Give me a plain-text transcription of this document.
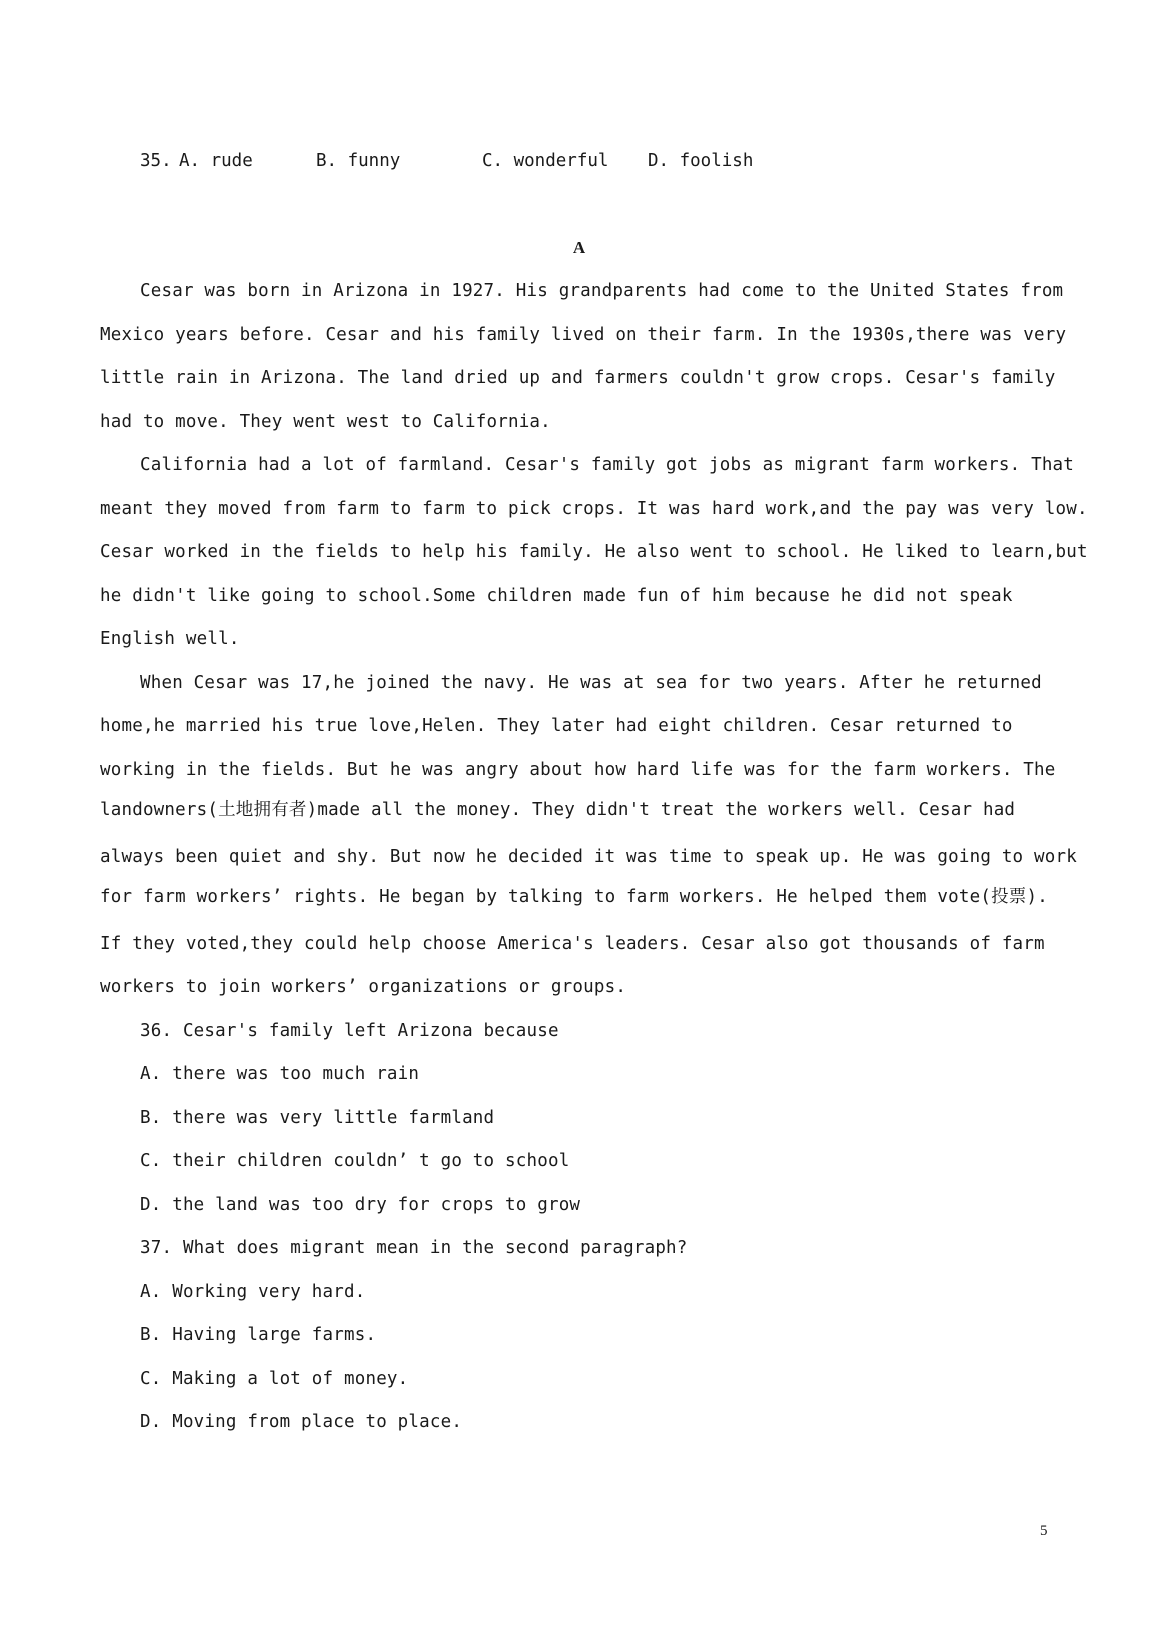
35. A. rude	B. funny	C. wonderful D. foolish
A
Cesar was born in Arizona in 1927. His grandparents had come to the United States from
Mexico years before. Cesar and his family lived on their farm. In the 1930s,there was very
little rain in Arizona. The land dried up and farmers couldn't grow crops. Cesar's family
had to move. They went west to California.
California had a lot of farmland. Cesar's family got jobs as migrant farm workers. That
meant they moved from farm to farm to pick crops. It was hard work,and the pay was very low.
Cesar worked in the fields to help his family. He also went to school. He liked to learn,but
he didn't like going to school.Some children made fun of him because he did not speak
English well.
When Cesar was 17,he joined the navy. He was at sea for two years. After he returned
home,he married his true love,Helen. They later had eight children. Cesar returned to
working in the fields. But he was angry about how hard life was for the farm workers. The
landowners(土地拥有者)made all the money. They didn't treat the workers well. Cesar had
always been quiet and shy. But now he decided it was time to speak up. He was going to work
for farm workers’ rights. He began by talking to farm workers. He helped them vote(投票).
If they voted,they could help choose America's leaders. Cesar also got thousands of farm
workers to join workers’ organizations or groups.
36. Cesar's family left Arizona because
A. there was too much rain
B. there was very little farmland
C. their children couldn’ t go to school
D. the land was too dry for crops to grow
37. What does migrant mean in the second paragraph?
A. Working very hard.
B. Having large farms.
C. Making a lot of money.
D. Moving from place to place.
5
